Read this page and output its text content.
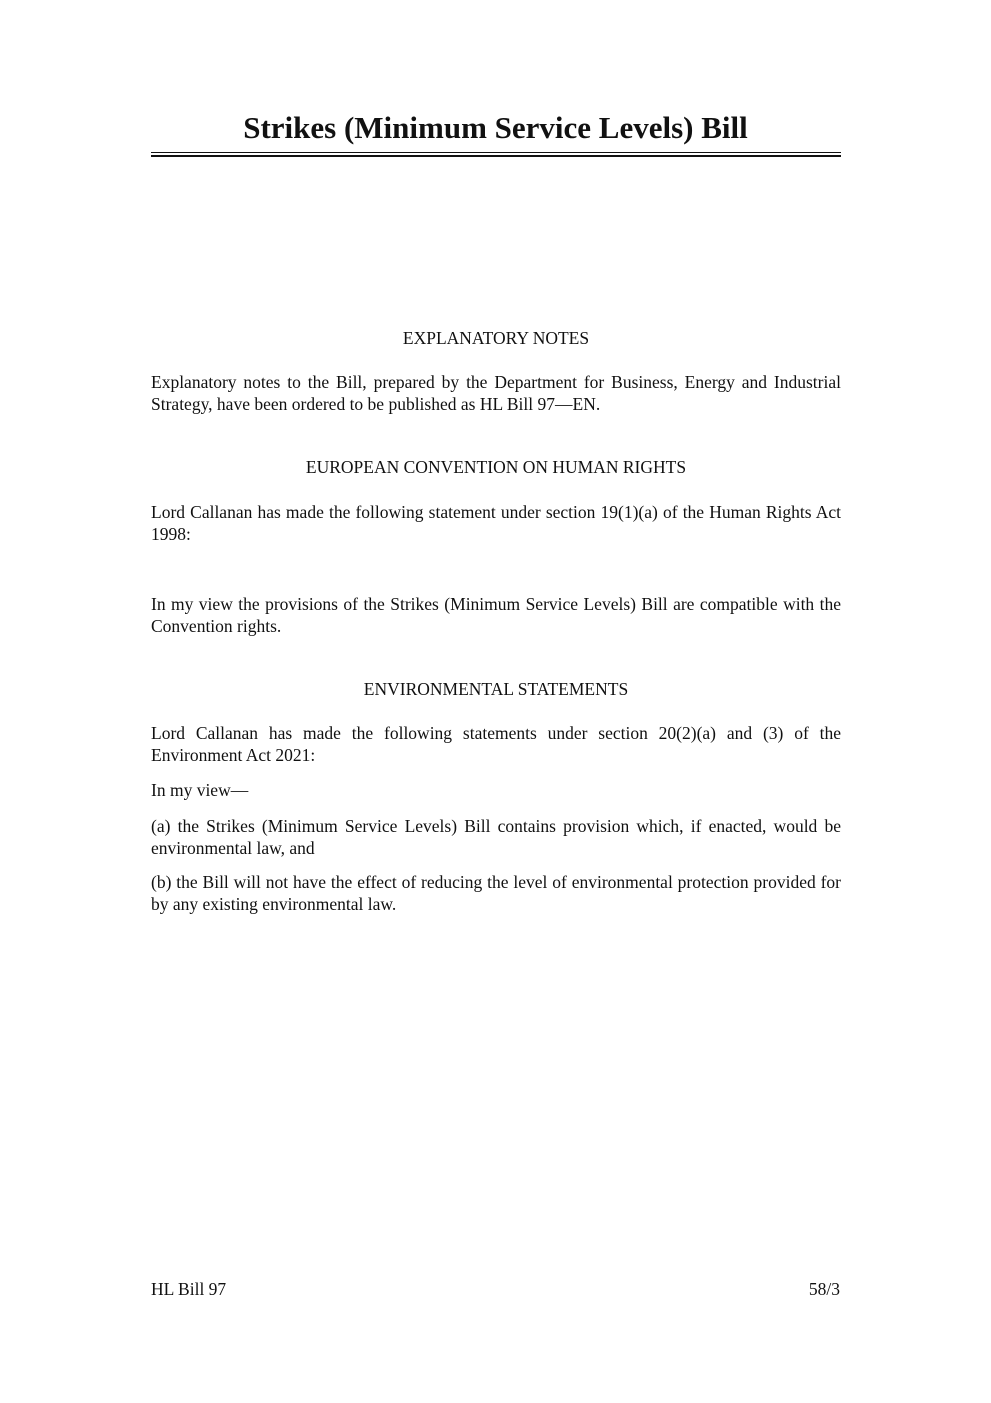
Strikes (Minimum Service Levels) Bill
EXPLANATORY NOTES

Explanatory notes to the Bill, prepared by the Department for Business, Energy and Industrial Strategy, have been ordered to be published as HL Bill 97—EN.

EUROPEAN CONVENTION ON HUMAN RIGHTS

Lord Callanan has made the following statement under section 19(1)(a) of the Human Rights Act 1998:

In my view the provisions of the Strikes (Minimum Service Levels) Bill are compatible with the Convention rights.

ENVIRONMENTAL STATEMENTS

Lord Callanan has made the following statements under section 20(2)(a) and (3) of the Environment Act 2021:

In my view—

(a) the Strikes (Minimum Service Levels) Bill contains provision which, if enacted, would be environmental law, and

(b) the Bill will not have the effect of reducing the level of environmental protection provided for by any existing environmental law.

HL Bill 97	58/3
